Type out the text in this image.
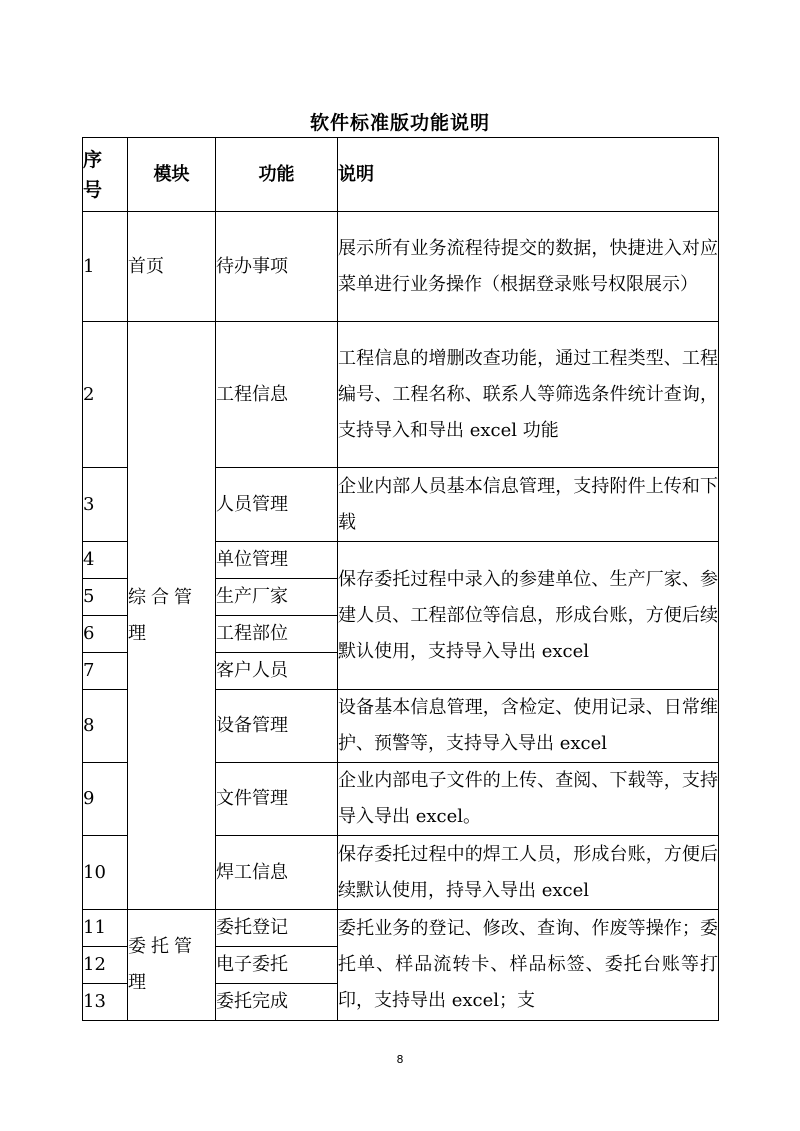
软件标准版功能说明
序号	模块	功能	说明
1	首页	待办事项	展示所有业务流程待提交的数据，快捷进入对应菜单进行业务操作（根据登录账号权限展示）
2	综合管理	工程信息	工程信息的增删改查功能，通过工程类型、工程编号、工程名称、联系人等筛选条件统计查询，支持导入和导出 excel 功能
3		人员管理	企业内部人员基本信息管理，支持附件上传和下载
4		单位管理	保存委托过程中录入的参建单位、生产厂家、参建人员、工程部位等信息，形成台账，方便后续默认使用，支持导入导出 excel
5		生产厂家	
6		工程部位	
7		客户人员	
8		设备管理	设备基本信息管理，含检定、使用记录、日常维护、预警等，支持导入导出 excel
9		文件管理	企业内部电子文件的上传、查阅、下载等，支持导入导出 excel。
10		焊工信息	保存委托过程中的焊工人员，形成台账，方便后续默认使用，持导入导出 excel
11	委托管理	委托登记	委托业务的登记、修改、查询、作废等操作；委托单、样品流转卡、样品标签、委托台账等打印，支持导出 excel；支
12		电子委托	
13		委托完成	
8
